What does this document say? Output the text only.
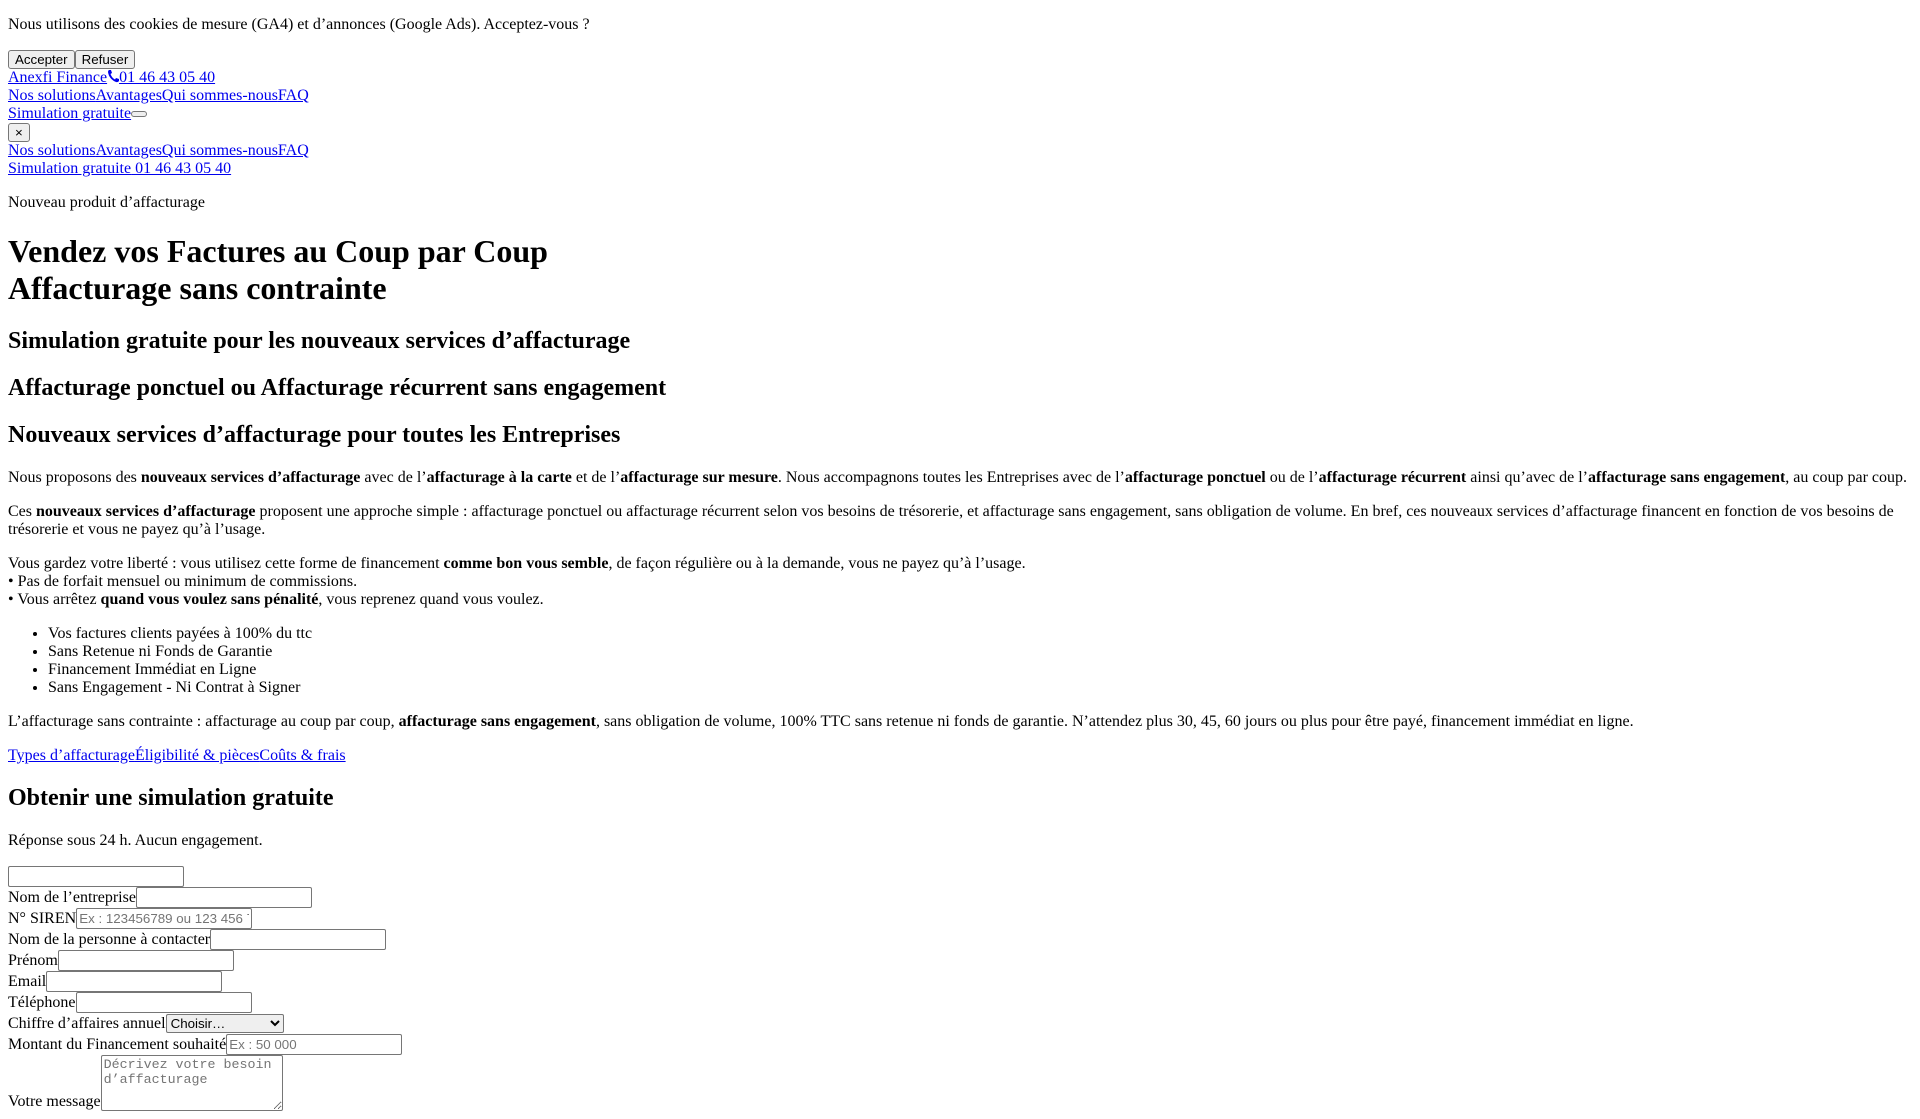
Nous utilisons des cookies de mesure (GA4) et d’annonces (Google Ads). Acceptez-vous ?

Accepter Refuser
Anexfi Finance 01 46 43 05 40
Nos solutionsAvantagesQui sommes-nousFAQ
Simulation gratuite
×
Nos solutionsAvantagesQui sommes-nousFAQ
Simulation gratuite 01 46 43 05 40

Nouveau produit d’affacturage

Vendez vos Factures au Coup par Coup
Affacturage sans contrainte
Simulation gratuite pour les nouveaux services d’affacturage
Affacturage ponctuel ou Affacturage récurrent sans engagement
Nouveaux services d’affacturage pour toutes les Entreprises

Nous proposons des nouveaux services d’affacturage avec de l’affacturage à la carte et de l’affacturage sur mesure. Nous accompagnons toutes les Entreprises avec de l’affacturage ponctuel ou de l’affacturage récurrent ainsi qu’avec de l’affacturage sans engagement, au coup par coup.

Ces nouveaux services d’affacturage proposent une approche simple : affacturage ponctuel ou affacturage récurrent selon vos besoins de trésorerie, et affacturage sans engagement, sans obligation de volume. En bref, ces nouveaux services d’affacturage financent en fonction de vos besoins de trésorerie et vous ne payez qu’à l’usage.

Vous gardez votre liberté : vous utilisez cette forme de financement comme bon vous semble, de façon régulière ou à la demande, vous ne payez qu’à l’usage.
• Pas de forfait mensuel ou minimum de commissions.
• Vous arrêtez quand vous voulez sans pénalité, vous reprenez quand vous voulez.

• Vos factures clients payées à 100% du ttc
• Sans Retenue ni Fonds de Garantie
• Financement Immédiat en Ligne
• Sans Engagement - Ni Contrat à Signer

L’affacturage sans contrainte : affacturage au coup par coup, affacturage sans engagement, sans obligation de volume, 100% TTC sans retenue ni fonds de garantie. N’attendez plus 30, 45, 60 jours ou plus pour être payé, financement immédiat en ligne.

Types d’affacturageÉligibilité & piècesCoûts & frais
Obtenir une simulation gratuite

Réponse sous 24 h. Aucun engagement.

Nom de l’entreprise
N° SIRENEx : 123456789 ou 123 456 789
Nom de la personne à contacter
Prénom
Email
Téléphone
Chiffre d’affaires annuel
Choisir…
Montant du Financement souhaitéEx : 50 000
Votre messageDécrivez votre besoin d’affacturage
